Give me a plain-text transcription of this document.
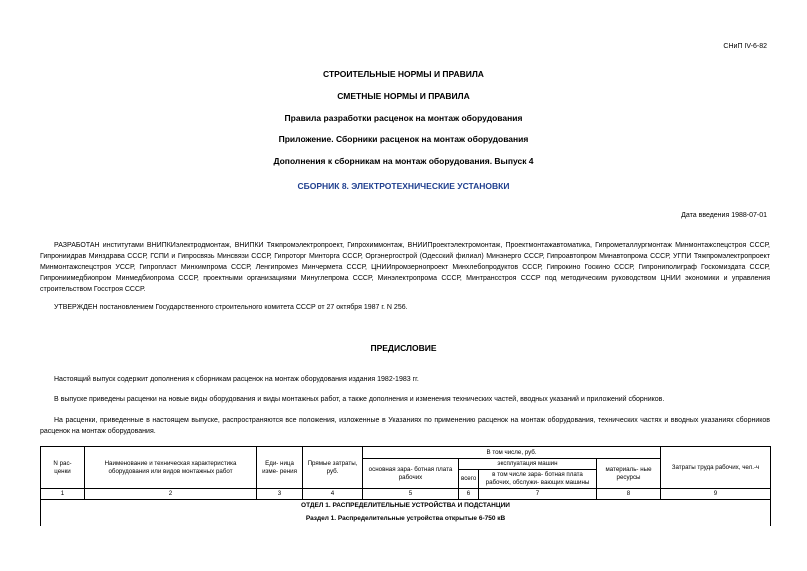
СНиП IV-6-82
СТРОИТЕЛЬНЫЕ НОРМЫ И ПРАВИЛА
СМЕТНЫЕ НОРМЫ И ПРАВИЛА
Правила разработки расценок на монтаж оборудования
Приложение. Сборники расценок на монтаж оборудования
Дополнения к сборникам на монтаж оборудования. Выпуск 4
СБОРНИК 8. ЭЛЕКТРОТЕХНИЧЕСКИЕ УСТАНОВКИ
Дата введения 1988-07-01
РАЗРАБОТАН институтами ВНИПКИэлектродмонтаж, ВНИПКИ Тяжпромэлектропроект, Гипрохиммонтаж, ВНИИПроектэлектромонтаж, Проектмонтажавтоматика, Гипрометаллургмонтаж Минмонтажспецстроя СССР, Гипрониидрав Минздрава СССР, ГСПИ и Гипросвязь Минсвязи СССР, Гипроторг Минторга СССР, Оргэнергострой (Одесский филиал) Минэнерго СССР, Гипроавтопром Минавтопрома СССР, УГПИ Тяжпромэлектропроект Минмонтажспецстроя УССР, Гипропласт Минхимпрома СССР, Ленгипромез Минчермета СССР, ЦНИИпромзернопроект Минхлебопродуктов СССР, Гипрокино Госкино СССР, Гипрониполиграф Госкомиздата СССР, Гипрониимедбиопром Минмедбиопрома СССР, проектными организациями Минуглепрома СССР, Минэлектропрома СССР, Минтрансстроя СССР под методическим руководством ЦНИИ экономики и управления строительством Госстроя СССР.
УТВЕРЖДЕН постановлением Государственного строительного комитета СССР от 27 октября 1987 г. N 256.
ПРЕДИСЛОВИЕ
Настоящий выпуск содержит дополнения к сборникам расценок на монтаж оборудования издания 1982-1983 гг.
В выпуске приведены расценки на новые виды оборудования и виды монтажных работ, а также дополнения и изменения технических частей, вводных указаний и приложений сборников.
На расценки, приведенные в настоящем выпуске, распространяются все положения, изложенные в Указаниях по применению расценок на монтаж оборудования, технических частях и вводных указаниях сборников расценок на монтаж оборудования.
N рас-
ценки	Наименование и техническая характеристика оборудования или видов монтажных работ	Еди- ница изме- рения	Прямые затраты, руб.	В том числе, руб.				Затраты труда рабочих, чел.-ч
				основная зара- ботная плата рабочих	эксплуатация машин		материаль- ные ресурсы	
					всего	в том числе зара- ботная плата рабочих, обслужи- вающих машины		
1	2	3	4	5	6	7	8	9
ОТДЕЛ 1. РАСПРЕДЕЛИТЕЛЬНЫЕ УСТРОЙСТВА И ПОДСТАНЦИИ								
Раздел 1. Распределительные устройства открытые 6-750 кВ								
